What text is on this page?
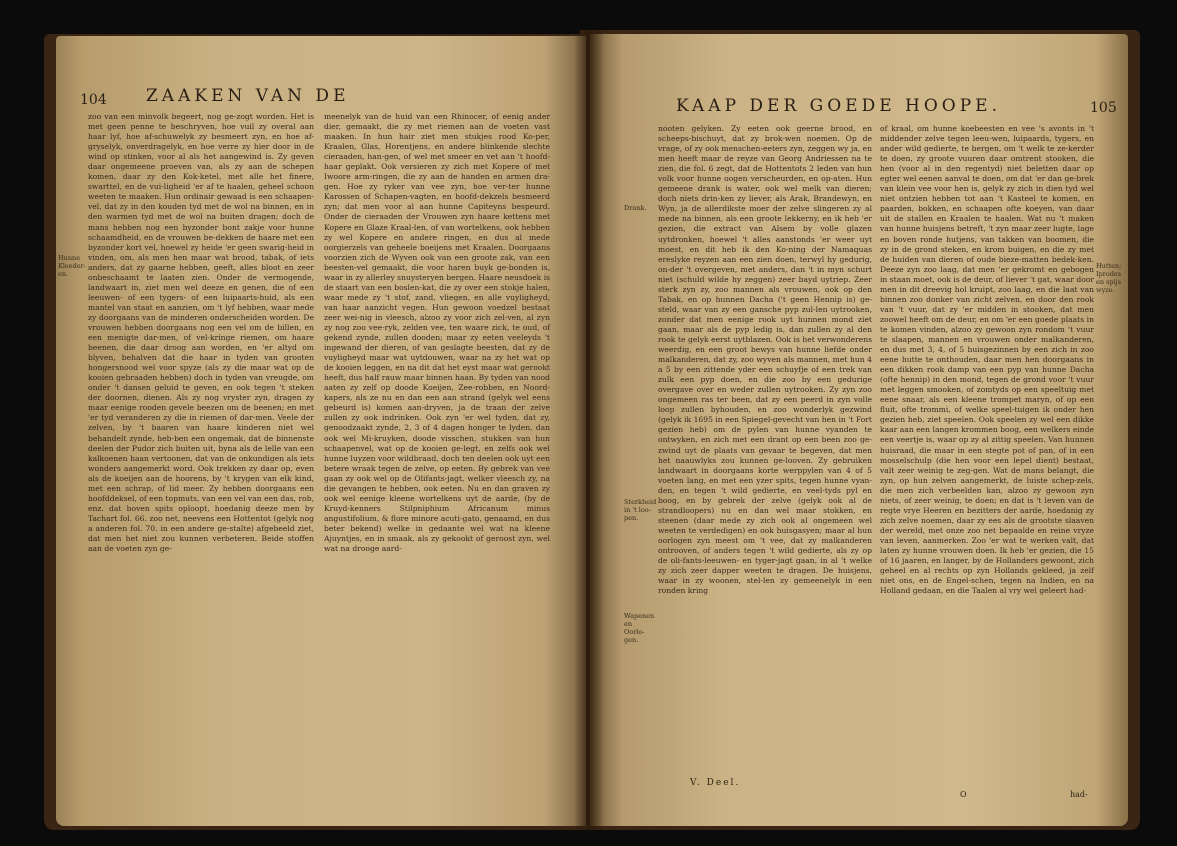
104 ZAAKEN VAN DE
Hunne Kleeder-en.
zoo van een minvolk begeert, nog ge-zogt worden. Het is met geen penne te beschryven, hoe vuil zy overal aan haar lyf, hoe af-schuwelyk zy besmeert zyn, en hoe af-gryselyk, onverdragelyk, en hoe verre zy hier door in de wind op stinken, voor al als het aangewind is. Zy geven daar ongemeene proeven van, als zy aan de schepen komen, daar zy den Kok-ketel, met alle het finere, swarttel, en de vui-ligheid 'er af te haalen, geheel schoon weeten te maaken. Hun ordinair gewaad is een schaapen-vel, dat zy in den kouden tyd met de wol na binnen, en in den warmen tyd met de wol na buiten dragen; doch de mans hebben nog een byzonder bont zakje voor hunne schaamdheid, en de vrouwen be-dekken de haare met een byzonder kort vel, hoewel zy heide 'er geen swarig-heid in vinden, om, als men hen maar wat brood, tabak, of iets anders, dat zy gaarne hebben, geeft, alles bloot en zeer onbeschaamt te laaten zien. Onder de vermogende, landwaart in, ziet men wel deeze en genen, die of een leeuwen- of een tygers- of een luipaarts-huid, als een mantel van staat en aanzien, om 't lyf hebben, waar mede zy doorgaans van de minderen onderscheiden worden. De vrouwen hebben doorgaans nog een vel om de billen, en een menigte dar-men, of vel-kringe riemen, om haare beenen, die daar droog aan worden, en 'er altyd om blyven, behalven dat die haar in tyden van grooten hongersnood wel voor spyze (als zy die maar wat op de kooien gebraaden hebben) doch in tyden van vreugde, om onder 't dansen geluid te geven, en ook tegen 't steken der doornen, dienen. Als zy nog vryster zyn, dragen zy maar eenige rooden gevele beezen om de beenen; en met 'er tyd veranderen zy die in riemen of dar-men. Veele der zelven, by 't baaren van haare kinderen niet wel behandelt zynde, heb-ben een ongemak, dat de binnenste deelen der Pudor zich buiten uit, byna als de lelle van een kalkoenen haan vertoonen, dat van de onkundigen als iets wonders aangemerkt word. Ook trekken zy daar op, even als de koeijen aan de hoorens, by 't krygen van elk kind, met een schrap, of lid meer. Zy hebben doorgaans een hoofddeksel, of een topmuts, van een vel van een das, rob, enz. dat boven spits oploopt, hoedanig deeze men by Tachart fol. 66. zoo net, neevens een Hottentot (gelyk nog a anderen fol. 70. in een andere ge-stalte) afgebeeld ziet, dat men het niet zou kunnen verbeteren. Beide stoffen aan de voeten zyn ge-
meenelyk van de huid van een Rhinocer, of eenig ander dier, gemaakt, die zy met riemen aan de voeten vast maaken. In hun hair ziet men stukjes rood Ko-per, Kraalen, Glas, Horentjens, en andere blinkende slechte cieraaden, han-gen, of wel met smeer en vet aan 't hoofd-haar geplakt. Ook versieren zy zich met Kopere of met Iwoore arm-ringen, die zy aan de handen en armen dra-gen. Hoe zy ryker van vee zyn, hoe ver-ter hunne Karossen of Schapen-vagten, en hoofd-dekzels besmeerd zyn; dat men voor al aan hunne Capiteyns bespeurd. Onder de cieraaden der Vrouwen zyn haare kettens met Kopere en Glaze Kraal-len, of van wortelkens, ook hebben zy wel Kopere en andere ringen, en dus al mede oorgierzels van geheele boeijens met Kraalen. Doorgaans voorzien zich de Wyven ook van een groote zak, van een beesten-vel gemaakt, die voor haren buyk ge-bonden is, waar in zy allerley snuysteryen bergen. Haare neusdoek is de staart van een boslen-kat, die zy over een stokje halen, waar mede zy 't stof, zand, vliegen, en alle vuyligheyd, van haar aanzicht vegen. Hun gewoon voedzel bestaat zeer wei-nig in vleesch, alzoo zy voor zich zel-ven, al zyn zy nog zoo vee-ryk, zelden vee, ten waare zick, te oud, of gekend zynde, zullen dooden; maar zy eeten veeleyds 't ingewand der dieren, of van geslagte beesten, dat zy de vuyligheyd maar wat uytdouwen, waar na zy het wat op de kooien leggen, en na dit dat het eyst maar wat gerookt heeft, dus half rauw maar binnen haan. By tyden van nood aaten zy zelf op doode Koeijen, Zee-robben, en Noord-kapers, als ze nu en dan een aan strand (gelyk wel eens gebeurd is) komen aan-dryven, ja de traan der zelve zullen zy ook indrinken. Ook zyn 'er wel tyden, dat zy, genoodzaakt zynde, 2, 3 of 4 dagen honger te lyden, dan ook wel Mi-kruyken, doode visschen, stukken van hun schaapenvel, wat op de kooien ge-legt, en zelfs ook wel hunne luyzen voor wildbraad, doch ten deelen ook uyt een betere wraak tegen de zelve, op eeten. By gebrek van vee gaan zy ook wel op de Olifants-jagt, welker vleesch zy, na die gevangen te hebben, ook eeten. Nu en dan graven zy ook wel eenige kleene wortelkens uyt de aarde, (by de Kruyd-kenners Stilpniphium Africanum minus angustifolium, & flore minore acuti-gato, genaamd, en dus beter bekend) welke in gedaante wel wat na kleene Ajuyntjes, en in smaak, als zy gekookt of geroost zyn, wel wat na drooge aard-
KAAP DER GOEDE HOOPE.	105
Drank.
Sterkheid in 't loo-pen.
Wapenen en Oorlo-gen.
Hutten; Iprodes en spijs wyze.
nooten gelyken. Zy eeten ook geerne brood, en scheeps-bischuyt, dat zy brok-wen noemen. Op de vrage, of zy ook menschen-eeters zyn, zeggen wy ja, en men heeft maar de reyze van Georg Andriessen na te zien, die fol. 6 zegt, dat de Hottentots 2 leden van hun volk voor hunne oogen verscheurden, en op-aten. Hun gemeene drank is water, ook wel melk van dieren; doch niets drin-ken zy liever, als Arak, Brandewyn, en Wyn, ja de allerdikste moer der zelve slingeren zy al mede na binnen, als een groote lekkerny, en ik heb 'er gezien, die extract van Alsem by volle glazen uytdronken, hoewel 't alles aanstonds 'er weer uyt moest, en dit heb ik den Ko-ning der Namaquas ereslyke reyzen aan een zien doen, terwyl hy gedurig, on-der 't overgeven, met anders, dan 't in myn schurt niet (schuld wilde hy zeggen) zeer bayd uytriep. Zeer sterk zyn zy, zoo mannen als vrouwen, ook op den Tabak, en op hunnen Dacha ('t geen Hennip is) ge-steld, waar van zy een gansche pyp zul-len uytrooken, zonder dat men eenige rook uyt hunnen mond ziet gaan, maar als de pyp ledig is, dan zullen zy al den rook te gelyk eerst uytblazen. Ook is het verwonderens weerdig, en een groot bewys van hunne liefde onder malkanderen, dat zy, zoo wyven als mannen, met hun 4 a 5 by een zittende yder een schuyfje of een trek van zulk een pyp doen, en die zoo by een gedurige overgave over en weder zullen uytrooken. Zy zyn zoo ongemeen ras ter been, dat zy een peerd in zyn volle loop zullen byhouden, en zoo wonderlyk gezwind (gelyk ik 1695 in een Spiegel-gevecht van hen in 't Fort gezien heb) om de pylen van hunne vyanden te ontwyken, en zich met een drant op een been zoo ge-zwind uyt de plaats van gevaar te begeven, dat men het naauwlyks zou kunnen ge-looven. Zy gebruiken landwaart in doorgaans korte werppylen van 4 of 5 voeten lang, en met een yzer spits, tegen hunne vyan-den, en tegen 't wild gedierte, en veel-tyds pyl en boog, en by gebrek der zelve (gelyk ook al de strandloopers) nu en dan wel maar stokken, en steenen (daar mede zy zich ook al ongemeen wel weeten te verdedigen) en ook huisgasyen; maar al hun oorlogen zyn meest om 't vee, dat zy malkanderen ontrooven, of anders tegen 't wild gedierte, als zy op de oli-fants-leeuwen- en tyger-jagt gaan, in al 't welke zy zich zeer dapper weeten te dragen. De huisjens, waar in zy woonen, stel-len zy gemeenelyk in een ronden kring
of kraal, om hunne koebeesten en vee 's avonts in 't middender zelve tegen leeu-wen, luipaards, tygers, en ander wild gedierte, te bergen, om 't welk te ze-kerder te doen, zy groote vuuren daar omtrent stooken, die hen (voor al in den regentyd) niet beletten daar op egter wel eenen aanval te doen, om dat 'er dan ge-brek van klein vee voor hen is, gelyk zy zich in dien tyd wel niet ontzien hebben tot aan 't Kasteel te komen, en paarden, bokken, en schaapen ofte koeyen, van daar uit de stallen en Kraalen te haalen. Wat nu 't maken van hunne huisjens betreft, 't zyn maar zeer lugte, lage en boven ronde hutjens, van takken van boomen, die zy in de grond steken, en krom buigen, en die zy met de huiden van dieren of oude bieze-matten bedek-ken. Deeze zyn zoo laag, dat men 'er gekromt en gebogen in staan moet, ook is de deur, of liever 't gat, waar door men in dit dreevig hol kruipt, zoo laag, en die laat van binnen zoo donker van zicht zelven, en door den rook van 't vuur, dat zy 'er midden in stooken, dat men zoowel heeft om de deur, en om 'er een goede plaats in te komen vinden, alzoo zy gewoon zyn rondom 't vuur te slaapen, mannen en vrouwen onder malkanderen, en dus met 3, 4, of 5 huisgezinnen by een zich in zoo eene hutte te onthouden, daar men hen doorgaans in een dikken rook damp van een pyp van hunne Dacha (ofte hennip) in den mond, tegen de grond voor 't vuur met leggen smooken, of zomtyds op een speeltuig met eene snaar, als een kleene trompet maryn, of op een fluit, ofte trommi, of welke speel-tuigen ik onder hen gezien heb, ziet speelen. Ook speelen zy wel een dikke kaar aan een langen krommen boog, een welkers einde een veertje is, waar op zy al zittig speelen. Van hunnen huisraad, die maar in een stegte pot of pan, of in een mosselschulp (die hen voor een lepel dient) bestaat, valt zeer weinig te zeg-gen. Wat de mans belangt, die zyn, op hun zelven aangemerkt, de luiste schep-zels, die men zich verbeelden kan, alzoo zy gewoon zyn niets, of zeer weinig, te doen; en dat is 't leven van de regte vrye Heeren en bezitters der aarde, hoedanig zy zich zelve noemen, daar zy ees als de grootste slaaven der wereld, met onze zoo net bepaalde en reine vryze van leven, aanmerken. Zoo 'er wat te werken valt, dat laten zy hunne vrouwen doen. Ik heb 'er gezien, die 15 of 16 jaaren, en langer, by de Hollanders gewoont, zich geheel en al rechts op zyn Hollands gekleed, ja zelf niet ons, en de Engel-schen, tegen na Indien, en na Holland gedaan, en die Taalen al vry wel geleert had-
V. Deel.
O	had-
